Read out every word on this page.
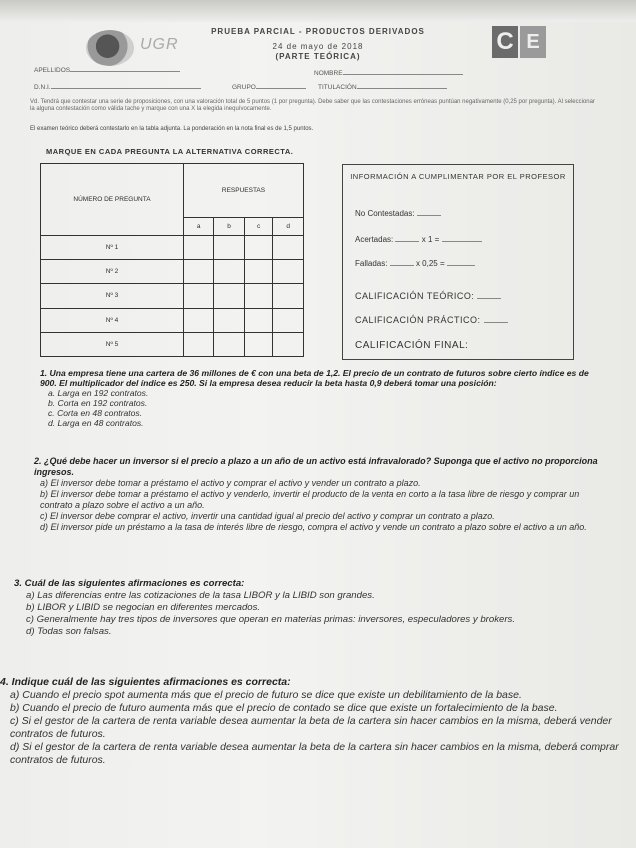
UGR	C E
PRUEBA PARCIAL - PRODUCTOS DERIVADOS
24 de mayo de 2018
(PARTE TEÓRICA)
APELLIDOS	NOMBRE
D.N.I.	GRUPO	TITULACIÓN
Vd. Tendrá que contestar una serie de proposiciones, con una valoración total de 5 puntos (1 por pregunta). Debe saber que las contestaciones erróneas puntúan negativamente (0,25 por pregunta). Al seleccionar la alguna contestación como válida tache y marque con una X la elegida inequívocamente.
El examen teórico deberá contestarlo en la tabla adjunta. La ponderación en la nota final es de 1,5 puntos.
MARQUE EN CADA PREGUNTA LA ALTERNATIVA CORRECTA.
NÚMERO DE PREGUNTA	RESPUESTAS			
	a	b	c	d
Nº 1				
Nº 2				
Nº 3				
Nº 4				
Nº 5				
INFORMACIÓN A CUMPLIMENTAR POR EL PROFESOR
No Contestadas:
Acertadas:	x 1 =
Falladas:	x 0,25 =
CALIFICACIÓN TEÓRICO:
CALIFICACIÓN PRÁCTICO:
CALIFICACIÓN FINAL:
1. Una empresa tiene una cartera de 36 millones de € con una beta de 1,2. El precio de un contrato de futuros sobre cierto índice es de 900. El multiplicador del índice es 250. Si la empresa desea reducir la beta hasta 0,9 deberá tomar una posición:
a. Larga en 192 contratos.
b. Corta en 192 contratos.
c. Corta en 48 contratos.
d. Larga en 48 contratos.
2. ¿Qué debe hacer un inversor si el precio a plazo a un año de un activo está infravalorado? Suponga que el activo no proporciona ingresos.
a) El inversor debe tomar a préstamo el activo y comprar el activo y vender un contrato a plazo.
b) El inversor debe tomar a préstamo el activo y venderlo, invertir el producto de la venta en corto a la tasa libre de riesgo y comprar un contrato a plazo sobre el activo a un año.
c) El inversor debe comprar el activo, invertir una cantidad igual al precio del activo y comprar un contrato a plazo.
d) El inversor pide un préstamo a la tasa de interés libre de riesgo, compra el activo y vende un contrato a plazo sobre el activo a un año.
3. Cuál de las siguientes afirmaciones es correcta:
a) Las diferencias entre las cotizaciones de la tasa LIBOR y la LIBID son grandes.
b) LIBOR y LIBID se negocian en diferentes mercados.
c) Generalmente hay tres tipos de inversores que operan en materias primas: inversores, especuladores y brokers.
d) Todas son falsas.
4. Indique cuál de las siguientes afirmaciones es correcta:
a) Cuando el precio spot aumenta más que el precio de futuro se dice que existe un debilitamiento de la base.
b) Cuando el precio de futuro aumenta más que el precio de contado se dice que existe un fortalecimiento de la base.
c) Si el gestor de la cartera de renta variable desea aumentar la beta de la cartera sin hacer cambios en la misma, deberá vender contratos de futuros.
d) Si el gestor de la cartera de renta variable desea aumentar la beta de la cartera sin hacer cambios en la misma, deberá comprar contratos de futuros.
